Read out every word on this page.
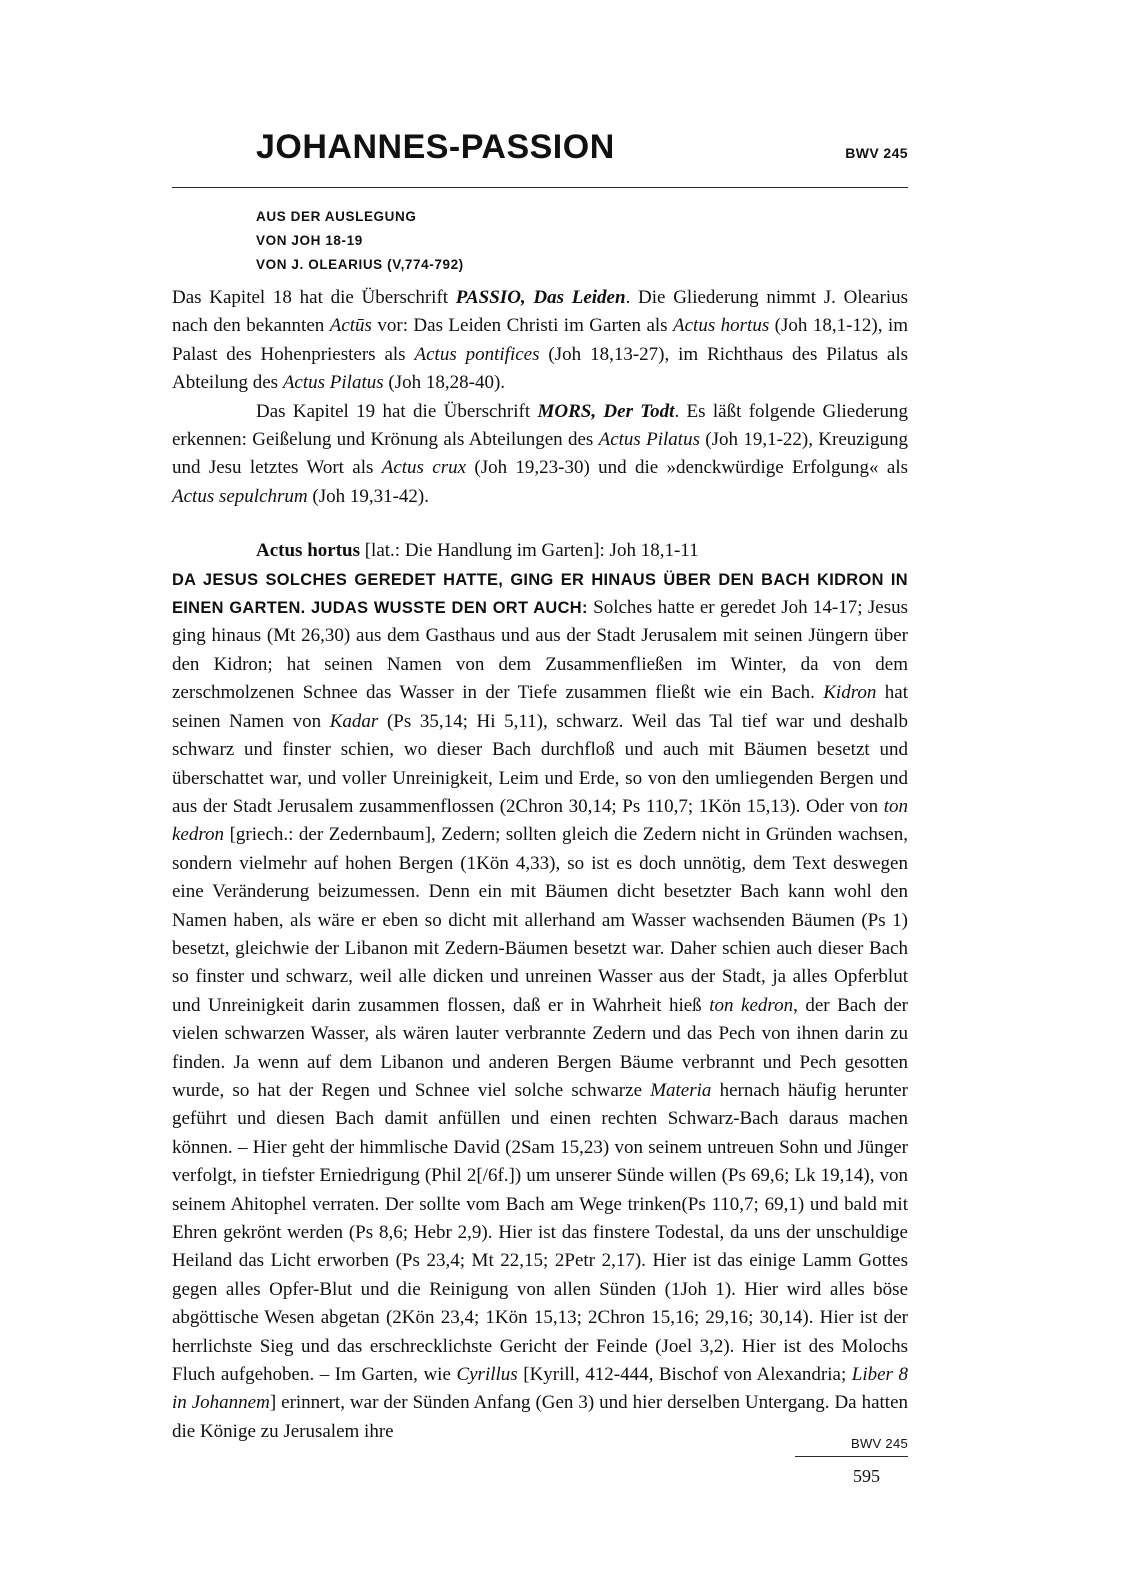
JOHANNES-PASSION	BWV 245
AUS DER AUSLEGUNG
VON JOH 18-19
VON J. OLEARIUS (V,774-792)

Das Kapitel 18 hat die Überschrift PASSIO, Das Leiden. Die Gliederung nimmt J. Olearius nach den bekannten Actūs vor: Das Leiden Christi im Garten als Actus hortus (Joh 18,1-12), im Palast des Hohenpriesters als Actus pontifices (Joh 18,13-27), im Richthaus des Pilatus als Abteilung des Actus Pilatus (Joh 18,28-40).

Das Kapitel 19 hat die Überschrift MORS, Der Todt. Es läßt folgende Gliederung erkennen: Geißelung und Krönung als Abteilungen des Actus Pilatus (Joh 19,1-22), Kreuzigung und Jesu letztes Wort als Actus crux (Joh 19,23-30) und die »denckwürdige Erfolgung« als Actus sepulchrum (Joh 19,31-42).

Actus hortus [lat.: Die Handlung im Garten]: Joh 18,1-11

DA JESUS SOLCHES GEREDET HATTE, GING ER HINAUS ÜBER DEN BACH KIDRON IN EINEN GARTEN. JUDAS WUSSTE DEN ORT AUCH: Solches hatte er geredet Joh 14-17; Jesus ging hinaus (Mt 26,30) aus dem Gasthaus und aus der Stadt Jerusalem mit seinen Jüngern über den Kidron; hat seinen Namen von dem Zusammenfließen im Winter, da von dem zerschmolzenen Schnee das Wasser in der Tiefe zusammen fließt wie ein Bach. Kidron hat seinen Namen von Kadar (Ps 35,14; Hi 5,11), schwarz. Weil das Tal tief war und deshalb schwarz und finster schien, wo dieser Bach durchfloß und auch mit Bäumen besetzt und überschattet war, und voller Unreinigkeit, Leim und Erde, so von den umliegenden Bergen und aus der Stadt Jerusalem zusammenflossen (2Chron 30,14; Ps 110,7; 1Kön 15,13). Oder von ton kedron [griech.: der Zedernbaum], Zedern; sollten gleich die Zedern nicht in Gründen wachsen, sondern vielmehr auf hohen Bergen (1Kön 4,33), so ist es doch unnötig, dem Text deswegen eine Veränderung beizumessen. Denn ein mit Bäumen dicht besetzter Bach kann wohl den Namen haben, als wäre er eben so dicht mit allerhand am Wasser wachsenden Bäumen (Ps 1) besetzt, gleichwie der Libanon mit Zedern-Bäumen besetzt war. Daher schien auch dieser Bach so finster und schwarz, weil alle dicken und unreinen Wasser aus der Stadt, ja alles Opferblut und Unreinigkeit darin zusammen flossen, daß er in Wahrheit hieß ton kedron, der Bach der vielen schwarzen Wasser, als wären lauter verbrannte Zedern und das Pech von ihnen darin zu finden. Ja wenn auf dem Libanon und anderen Bergen Bäume verbrannt und Pech gesotten wurde, so hat der Regen und Schnee viel solche schwarze Materia hernach häufig herunter geführt und diesen Bach damit anfüllen und einen rechten Schwarz-Bach daraus machen können. – Hier geht der himmlische David (2Sam 15,23) von seinem untreuen Sohn und Jünger verfolgt, in tiefster Erniedrigung (Phil 2[/6f.]) um unserer Sünde willen (Ps 69,6; Lk 19,14), von seinem Ahitophel verraten. Der sollte vom Bach am Wege trinken(Ps 110,7; 69,1) und bald mit Ehren gekrönt werden (Ps 8,6; Hebr 2,9). Hier ist das finstere Todestal, da uns der unschuldige Heiland das Licht erworben (Ps 23,4; Mt 22,15; 2Petr 2,17). Hier ist das einige Lamm Gottes gegen alles Opfer-Blut und die Reinigung von allen Sünden (1Joh 1). Hier wird alles böse abgöttische Wesen abgetan (2Kön 23,4; 1Kön 15,13; 2Chron 15,16; 29,16; 30,14). Hier ist der herrlichste Sieg und das erschrecklichste Gericht der Feinde (Joel 3,2). Hier ist des Molochs Fluch aufgehoben. – Im Garten, wie Cyrillus [Kyrill, 412-444, Bischof von Alexandria; Liber 8 in Johannem] erinnert, war der Sünden Anfang (Gen 3) und hier derselben Untergang. Da hatten die Könige zu Jerusalem ihre

BWV 245
595
